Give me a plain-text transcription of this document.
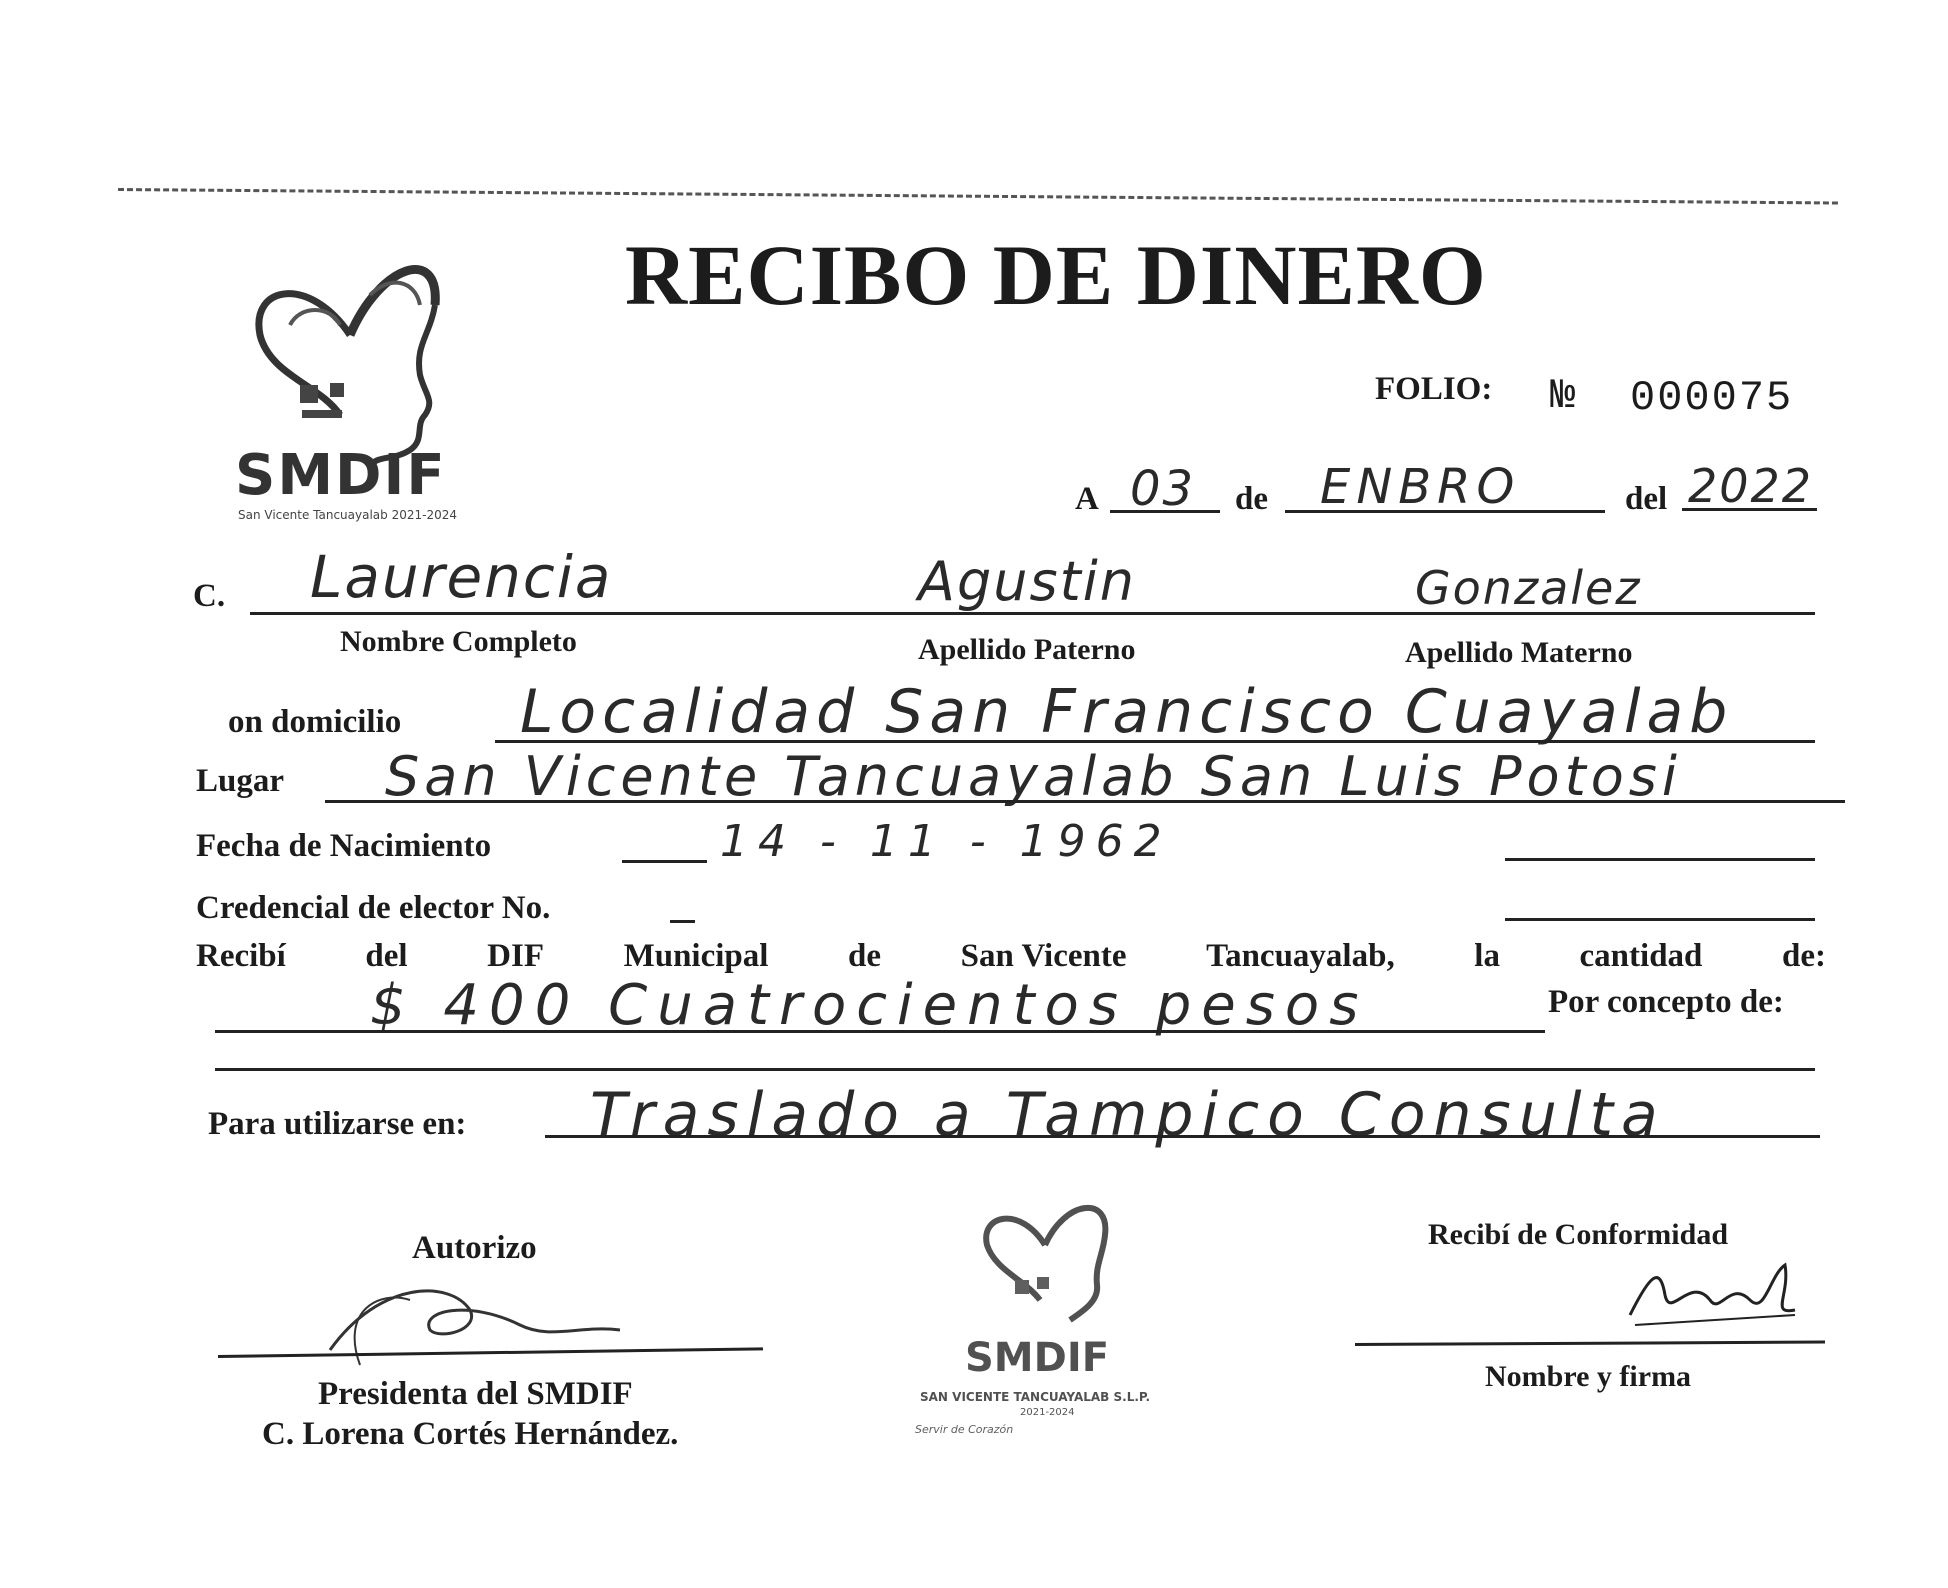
SMDIF
San Vicente Tancuayalab 2021-2024
RECIBO DE DINERO
FOLIO: № 000075
A 03 de ENBRO	del 2022
C. Laurencia	Agustin	Gonzalez
Nombre Completo	Apellido Paterno	Apellido Materno
on domicilio Localidad San Francisco Cuayalab
Lugar San Vicente Tancuayalab San Luis Potosi
Fecha de Nacimiento	14 - 11 - 1962
Credencial de elector No.
Recibí del DIF Municipal de San Vicente Tancuayalab, la cantidad de:
$ 400 Cuatrocientos pesos	Por concepto de:
Para utilizarse en: Traslado a Tampico Consulta
Autorizo
Presidenta del SMDIF
C. Lorena Cortés Hernández.
SMDIF
SAN VICENTE TANCUAYALAB S.L.P.
2021-2024
Servir de Corazón
Recibí de Conformidad
Nombre y firma
